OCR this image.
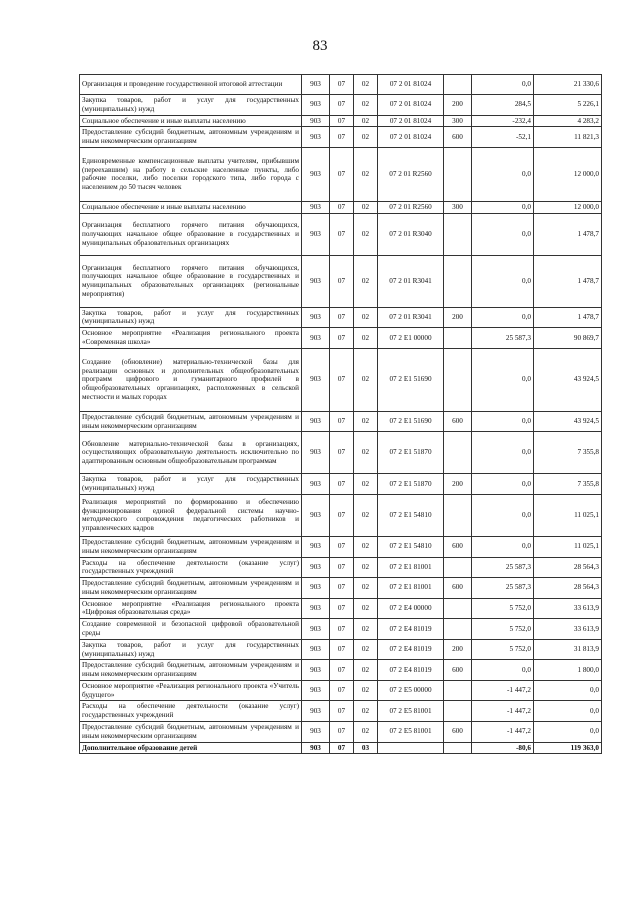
83
Организация и проведение государственной итоговой аттестации	903	07	02	07 2 01 81024		0,0	21 330,6
Закупка товаров, работ и услуг для государственных (муниципальных) нужд	903	07	02	07 2 01 81024	200	284,5	5 226,1
Социальное обеспечение и иные выплаты населению	903	07	02	07 2 01 81024	300	-232,4	4 283,2
Предоставление субсидий бюджетным, автономным учреждениям и иным некоммерческим организациям	903	07	02	07 2 01 81024	600	-52,1	11 821,3
Единовременные компенсационные выплаты учителям, прибывшим (переехавшим) на работу в сельские населенные пункты, либо рабочие поселки, либо поселки городского типа, либо города с населением до 50 тысяч человек	903	07	02	07 2 01 R2560		0,0	12 000,0
Социальное обеспечение и иные выплаты населению	903	07	02	07 2 01 R2560	300	0,0	12 000,0
Организация бесплатного горячего питания обучающихся, получающих начальное общее образование в государственных и муниципальных образовательных организациях	903	07	02	07 2 01 R3040		0,0	1 478,7
Организация бесплатного горячего питания обучающихся, получающих начальное общее образование в государственных и муниципальных образовательных организациях (региональные мероприятия)	903	07	02	07 2 01 R3041		0,0	1 478,7
Закупка товаров, работ и услуг для государственных (муниципальных) нужд	903	07	02	07 2 01 R3041	200	0,0	1 478,7
Основное мероприятие «Реализация регионального проекта «Современная школа»	903	07	02	07 2 E1 00000		25 587,3	90 869,7
Создание (обновление) материально-технической базы для реализации основных и дополнительных общеобразовательных программ цифрового и гуманитарного профилей в общеобразовательных организациях, расположенных в сельской местности и малых городах	903	07	02	07 2 E1 51690		0,0	43 924,5
Предоставление субсидий бюджетным, автономным учреждениям и иным некоммерческим организациям	903	07	02	07 2 E1 51690	600	0,0	43 924,5
Обновление материально-технической базы в организациях, осуществляющих образовательную деятельность исключительно по адаптированным основным общеобразовательным программам	903	07	02	07 2 E1 51870		0,0	7 355,8
Закупка товаров, работ и услуг для государственных (муниципальных) нужд	903	07	02	07 2 E1 51870	200	0,0	7 355,8
Реализация мероприятий по формированию и обеспечению функционирования единой федеральной системы научно-методического сопровождения педагогических работников и управленческих кадров	903	07	02	07 2 E1 54810		0,0	11 025,1
Предоставление субсидий бюджетным, автономным учреждениям и иным некоммерческим организациям	903	07	02	07 2 E1 54810	600	0,0	11 025,1
Расходы на обеспечение деятельности (оказание услуг) государственных учреждений	903	07	02	07 2 E1 81001		25 587,3	28 564,3
Предоставление субсидий бюджетным, автономным учреждениям и иным некоммерческим организациям	903	07	02	07 2 E1 81001	600	25 587,3	28 564,3
Основное мероприятие «Реализация регионального проекта «Цифровая образовательная среда»	903	07	02	07 2 E4 00000		5 752,0	33 613,9
Создание современной и безопасной цифровой образовательной среды	903	07	02	07 2 E4 81019		5 752,0	33 613,9
Закупка товаров, работ и услуг для государственных (муниципальных) нужд	903	07	02	07 2 E4 81019	200	5 752,0	31 813,9
Предоставление субсидий бюджетным, автономным учреждениям и иным некоммерческим организациям	903	07	02	07 2 E4 81019	600	0,0	1 800,0
Основное мероприятие «Реализация регионального проекта «Учитель будущего»	903	07	02	07 2 E5 00000		-1 447,2	0,0
Расходы на обеспечение деятельности (оказание услуг) государственных учреждений	903	07	02	07 2 E5 81001		-1 447,2	0,0
Предоставление субсидий бюджетным, автономным учреждениям и иным некоммерческим организациям	903	07	02	07 2 E5 81001	600	-1 447,2	0,0
Дополнительное образование детей	903	07	03			-80,6	119 363,0
